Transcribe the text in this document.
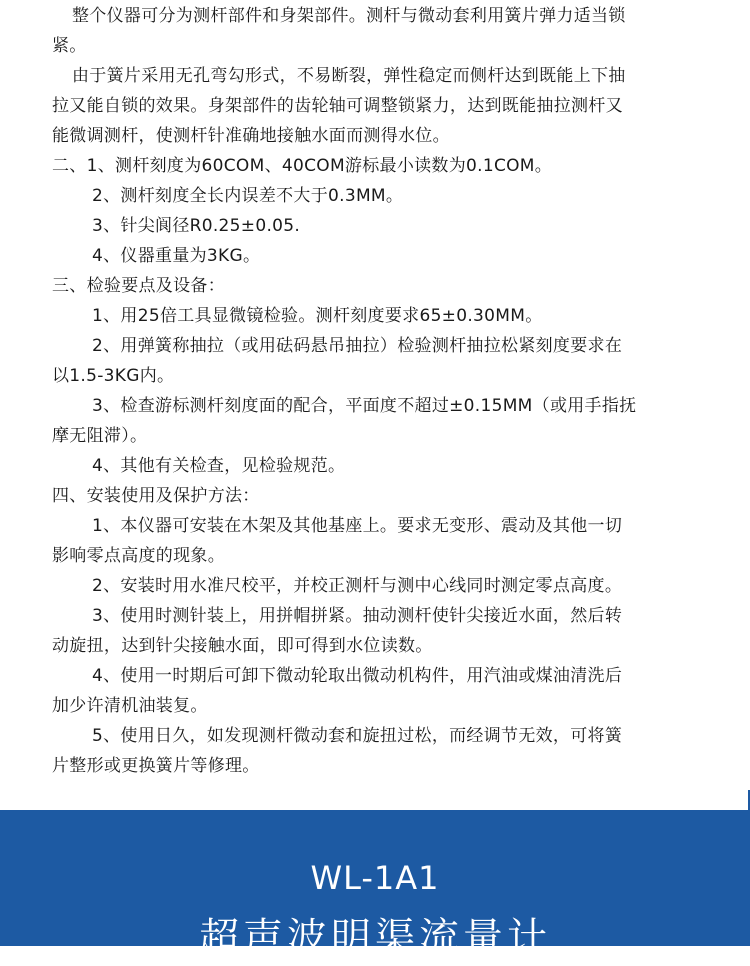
整个仪器可分为测杆部件和身架部件。测杆与微动套利用簧片弹力适当锁
紧。
由于簧片采用无孔弯勾形式，不易断裂，弹性稳定而侧杆达到既能上下抽
拉又能自锁的效果。身架部件的齿轮轴可调整锁紧力，达到既能抽拉测杆又
能微调测杆，使测杆针准确地接触水面而测得水位。
二、1、测杆刻度为60COM、40COM游标最小读数为0.1COM。
2、测杆刻度全长内误差不大于0.3MM。
3、针尖阆径R0.25±0.05.
4、仪器重量为3KG。
三、检验要点及设备：
1、用25倍工具显微镜检验。测杆刻度要求65±0.30MM。
2、用弹簧称抽拉（或用砝码悬吊抽拉）检验测杆抽拉松紧刻度要求在
以1.5-3KG内。
3、检查游标测杆刻度面的配合，平面度不超过±0.15MM（或用手指抚
摩无阻滞）。
4、其他有关检查，见检验规范。
四、安装使用及保护方法：
1、本仪器可安装在木架及其他基座上。要求无变形、震动及其他一切
影响零点高度的现象。
2、安装时用水准尺校平，并校正测杆与测中心线同时测定零点高度。
3、使用时测针装上，用拼帽拼紧。抽动测杆使针尖接近水面，然后转
动旋扭，达到针尖接触水面，即可得到水位读数。
4、使用一时期后可卸下微动轮取出微动机构件，用汽油或煤油清洗后
加少许清机油装复。
5、使用日久，如发现测杆微动套和旋扭过松，而经调节无效，可将簧
片整形或更换簧片等修理。
WL-1A1
超声波明渠流量计
